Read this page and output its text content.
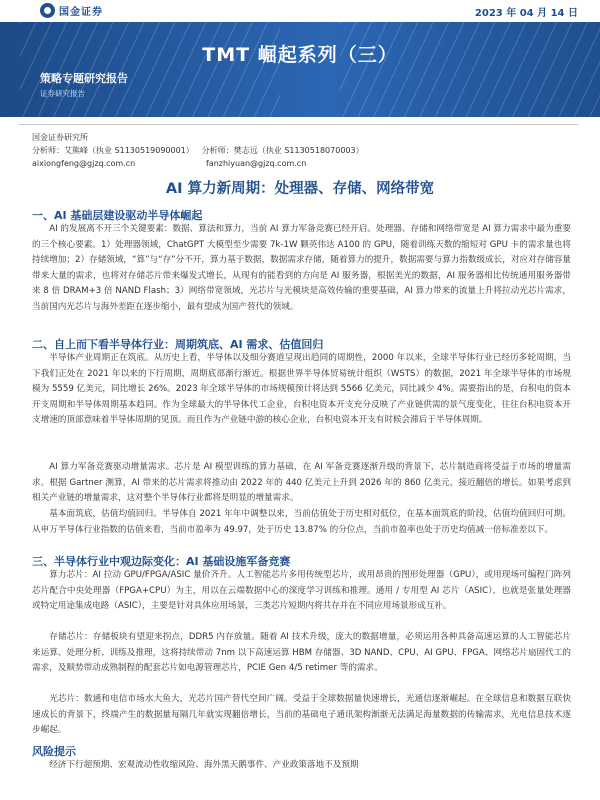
国金证券	2023 年 04 月 14 日
TMT 崛起系列（三）
策略专题研究报告
证券研究报告
国金证券研究所
分析师：艾熊峰（执业 S1130519090001） 分析师：樊志远（执业 S1130518070003）
aixiongfeng@gjzq.com.cn	fanzhiyuan@gjzq.com.cn
AI 算力新周期：处理器、存储、网络带宽
一、AI 基础层建设驱动半导体崛起
AI 的发展离不开三个关键要素：数据、算法和算力，当前 AI 算力军备竞赛已经开启。处理器、存储和网络带宽是 AI 算力需求中最为重要的三个核心要素。1）处理器领域，ChatGPT 大模型至少需要 7k-1W 颗英伟达 A100 的 GPU，随着训练天数的缩短对 GPU 卡的需求量也将持续增加；2）存储领域，“算”与“存”分不开，算力基于数据，数据需求存储，随着算力的提升，数据需要与算力指数级成长，对应对存储容量带来大量的需求，也将对存储芯片带来爆发式增长，从现有的能看到的方向是 AI 服务器，根据美光的数据，AI 服务器相比传统通用服务器带来 8 倍 DRAM+3 倍 NAND Flash；3）网络带宽领域，光芯片与光模块是高效传输的重要基础，AI 算力带来的流量上升将拉动光芯片需求，当前国内光芯片与海外差距在逐步缩小，最有望成为国产替代的领域。
二、自上而下看半导体行业：周期筑底、AI 需求、估值回归
半导体产业周期正在筑底。从历史上看，半导体以及细分赛道呈现出趋同的周期性，2000 年以来，全球半导体行业已经历多轮周期，当下我们正处在 2021 年以来的下行周期，周期底部渐行渐近。根据世界半导体贸易统计组织（WSTS）的数据，2021 年全球半导体的市场规模为 5559 亿美元，同比增长 26%。2023 年全球半导体的市场规模预计将达到 5566 亿美元，同比减少 4%。需要指出的是，台积电的资本开支周期和半导体周期基本趋同。作为全球最大的半导体代工企业，台积电资本开支充分反映了产业链供需的景气度变化，往往台积电资本开支增速的顶部意味着半导体周期的见顶。而且作为产业链中游的核心企业，台积电资本开支有时候会滞后于半导体周期。
AI 算力军备竞赛驱动增量需求。芯片是 AI 模型训练的算力基础，在 AI 军备竞赛逐渐升级的背景下，芯片制造商将受益于市场的增量需求。根据 Gartner 测算，AI 带来的芯片需求将推动由 2022 年的 440 亿美元上升到 2026 年的 860 亿美元，接近翻倍的增长。如果考虑到相关产业链的增量需求，这对整个半导体行业都将是明显的增量需求。
基本面筑底，估值均值回归。半导体自 2021 年年中调整以来，当前估值处于历史相对低位，在基本面筑底的阶段，估值均值回归可期。从申万半导体行业指数的估值来看，当前市盈率为 49.97，处于历史 13.87% 的分位点，当前市盈率也处于历史均值减一倍标准差以下。
三、半导体行业中观边际变化：AI 基础设施军备竞赛
算力芯片：AI 拉动 GPU/FPGA/ASIC 量价齐升。人工智能芯片多用传统型芯片，或用昂贵的图形处理器（GPU），或用现场可编程门阵列芯片配合中央处理器（FPGA+CPU）为主，用以在云端数据中心的深度学习训练和推理。通用 / 专用型 AI 芯片（ASIC），也就是张量处理器或特定用途集成电路（ASIC），主要是针对具体应用场景，三类芯片短期内将共存并在不同应用场景形成互补。
存储芯片：存储板块有望迎来拐点，DDR5 内存放量。随着 AI 技术升级，庞大的数据增量，必须运用各种具备高速运算的人工智能芯片来运算、处理分析、训练及推理，这将持续带动 7nm 以下高速运算 HBM 存储器、3D NAND、CPU、AI GPU、FPGA、网络芯片扇固代工的需求，及顺势带动成熟制程的配套芯片如电源管理芯片，PCIE Gen 4/5 retimer 等的需求。
光芯片：数通和电信市场水大鱼大，光芯片国产替代空间广阔。受益于全球数据量快速增长，光通信逐渐崛起。在全球信息和数据互联快速成长的背景下，终端产生的数据量每隔几年就实现翻倍增长，当前的基础电子通讯架构渐渐无法满足海量数据的传输需求，光电信息技术逐步崛起。
风险提示
经济下行超预期、宏观流动性收缩风险、海外黑天鹅事件、产业政策落地不及预期
